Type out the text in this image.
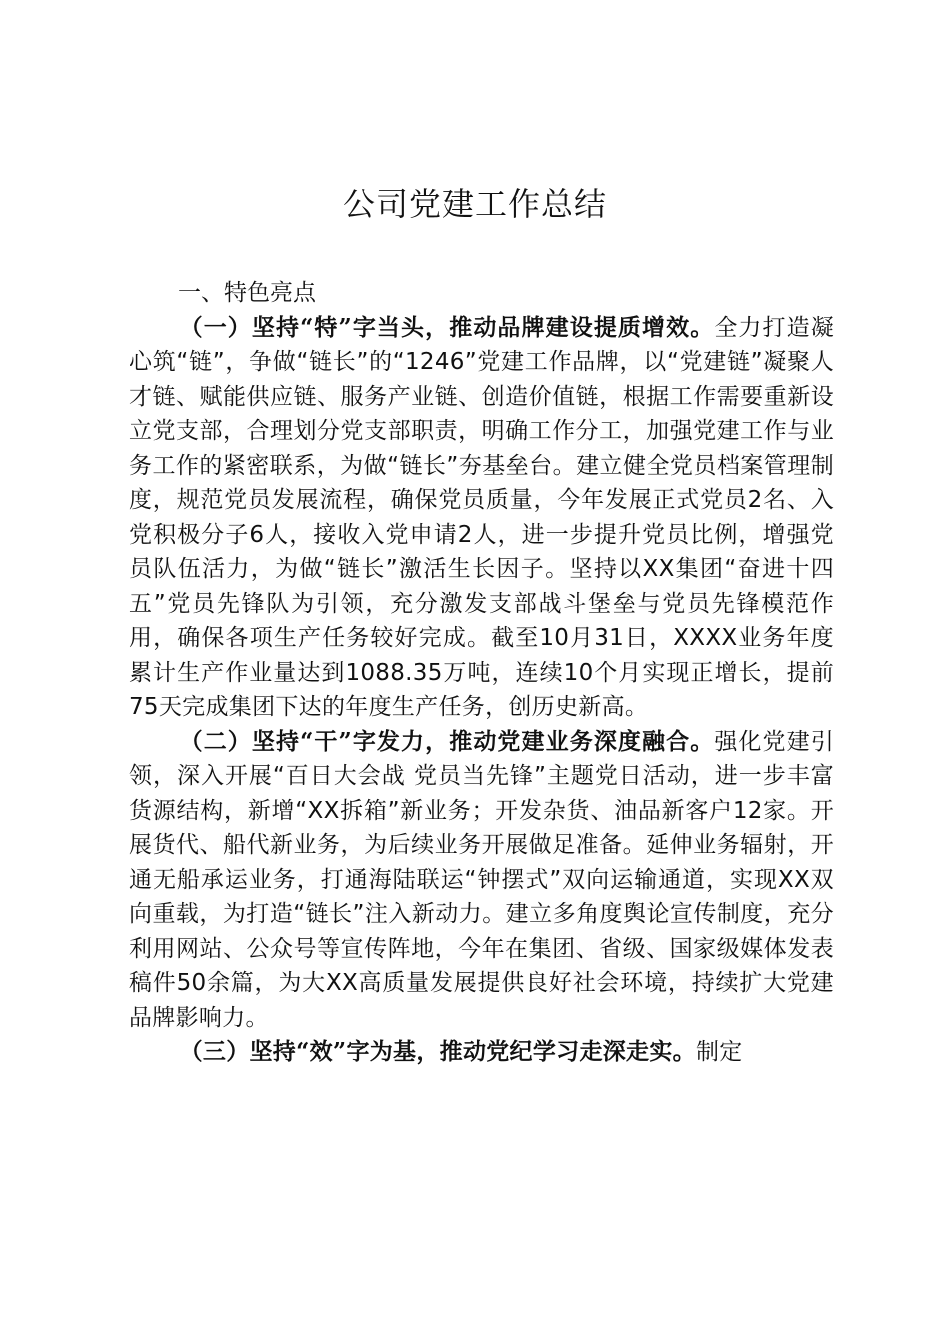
公司党建工作总结

一、特色亮点

（一）坚持“特”字当头，推动品牌建设提质增效。全力打造凝心筑“链”，争做“链长”的“1246”党建工作品牌，以“党建链”凝聚人才链、赋能供应链、服务产业链、创造价值链，根据工作需要重新设立党支部，合理划分党支部职责，明确工作分工，加强党建工作与业务工作的紧密联系，为做“链长”夯基垒台。建立健全党员档案管理制度，规范党员发展流程，确保党员质量，今年发展正式党员2名、入党积极分子6人，接收入党申请2人，进一步提升党员比例，增强党员队伍活力，为做“链长”激活生长因子。坚持以XX集团“奋进十四五”党员先锋队为引领，充分激发支部战斗堡垒与党员先锋模范作用，确保各项生产任务较好完成。截至10月31日，XXXX业务年度累计生产作业量达到1088.35万吨，连续10个月实现正增长，提前75天完成集团下达的年度生产任务，创历史新高。

（二）坚持“干”字发力，推动党建业务深度融合。强化党建引领，深入开展“百日大会战 党员当先锋”主题党日活动，进一步丰富货源结构，新增“XX拆箱”新业务；开发杂货、油品新客户12家。开展货代、船代新业务，为后续业务开展做足准备。延伸业务辐射，开通无船承运业务，打通海陆联运“钟摆式”双向运输通道，实现XX双向重载，为打造“链长”注入新动力。建立多角度舆论宣传制度，充分利用网站、公众号等宣传阵地，今年在集团、省级、国家级媒体发表稿件50余篇，为大XX高质量发展提供良好社会环境，持续扩大党建品牌影响力。

（三）坚持“效”字为基，推动党纪学习走深走实。制定
